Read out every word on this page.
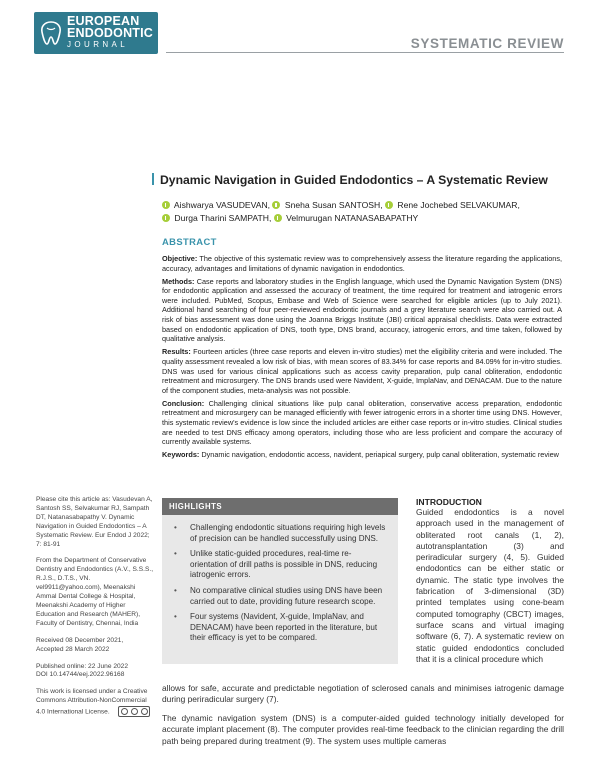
EUROPEAN
ENDODONTIC
JOURNAL	SYSTEMATIC REVIEW
Dynamic Navigation in Guided Endodontics – A Systematic Review
Aishwarya VASUDEVAN, Sneha Susan SANTOSH, Rene Jochebed SELVAKUMAR,
Durga Tharini SAMPATH, Velmurugan NATANASABAPATHY
ABSTRACT

Objective: The objective of this systematic review was to comprehensively assess the literature regarding the applications, accuracy, advantages and limitations of dynamic navigation in endodontics.

Methods: Case reports and laboratory studies in the English language, which used the Dynamic Navigation System (DNS) for endodontic application and assessed the accuracy of treatment, the time required for treatment and iatrogenic errors were included. PubMed, Scopus, Embase and Web of Science were searched for eligible articles (up to July 2021). Additional hand searching of four peer-reviewed endodontic journals and a grey literature search were also carried out. A risk of bias assessment was done using the Joanna Briggs Institute (JBI) critical appraisal checklists. Data were extracted based on endodontic application of DNS, tooth type, DNS brand, accuracy, iatrogenic errors, and time taken, followed by qualitative analysis.

Results: Fourteen articles (three case reports and eleven in-vitro studies) met the eligibility criteria and were included. The quality assessment revealed a low risk of bias, with mean scores of 83.34% for case reports and 84.09% for in-vitro studies. DNS was used for various clinical applications such as access cavity preparation, pulp canal obliteration, endodontic retreatment and microsurgery. The DNS brands used were Navident, X-guide, ImplaNav, and DENACAM. Due to the nature of the component studies, meta-analysis was not possible.

Conclusion: Challenging clinical situations like pulp canal obliteration, conservative access preparation, endodontic retreatment and microsurgery can be managed efficiently with fewer iatrogenic errors in a shorter time using DNS. However, this systematic review's evidence is low since the included articles are either case reports or in-vitro studies. Clinical studies are needed to test DNS efficacy among operators, including those who are less proficient and compare the accuracy of currently available systems.

Keywords: Dynamic navigation, endodontic access, navident, periapical surgery, pulp canal obliteration, systematic review

Please cite this article as: Vasudevan A, Santosh SS, Selvakumar RJ, Sampath DT, Natanasabapathy V. Dynamic Navigation in Guided Endodontics – A Systematic Review. Eur Endod J 2022; 7: 81-91
From the Department of Conservative Dentistry and Endodontics (A.V., S.S.S., R.J.S., D.T.S., VN. vel9911@yahoo.com), Meenakshi Ammal Dental College & Hospital, Meenakshi Academy of Higher Education and Research (MAHER), Faculty of Dentistry, Chennai, India
Received 08 December 2021,
Accepted 28 March 2022
Published online: 22 June 2022
DOI 10.14744/eej.2022.96168
This work is licensed under a Creative Commons Attribution-NonCommercial 4.0 International License.
HIGHLIGHTS
• Challenging endodontic situations requiring high levels of precision can be handled successfully using DNS.
• Unlike static-guided procedures, real-time re-orientation of drill paths is possible in DNS, reducing iatrogenic errors.
• No comparative clinical studies using DNS have been carried out to date, providing future research scope.
• Four systems (Navident, X-guide, ImplaNav, and DENACAM) have been reported in the literature, but their efficacy is yet to be compared.
INTRODUCTION
Guided endodontics is a novel approach used in the management of obliterated root canals (1, 2), autotransplantation (3) and periradicular surgery (4, 5). Guided endodontics can be either static or dynamic. The static type involves the fabrication of 3-dimensional (3D) printed templates using cone-beam computed tomography (CBCT) images, surface scans and virtual imaging software (6, 7). A systematic review on static guided endodontics concluded that it is a clinical procedure which
allows for safe, accurate and predictable negotiation of sclerosed canals and minimises iatrogenic damage during periradicular surgery (7).
The dynamic navigation system (DNS) is a computer-aided guided technology initially developed for accurate implant placement (8). The computer provides real-time feedback to the clinician regarding the drill path being prepared during treatment (9). The system uses multiple cameras
